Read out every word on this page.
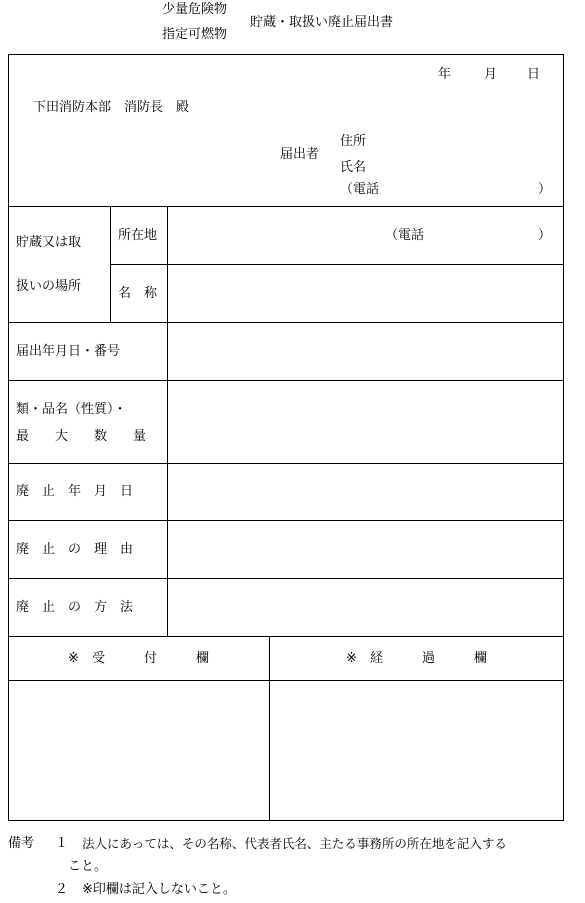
少量危険物
指定可燃物
貯蔵・取扱い廃止届出書
年	月 日
下田消防本部　消防長　殿
届出者
住所
氏名
（電話	）
貯蔵又は取
扱いの場所
所在地	（電話	）
名　称
届出年月日・番号
類・品名（性質）・
最　　大　　数　　量
廃　止　年　月　日
廃　止　の　理　由
廃　止　の　方　法
※　受　　　付　　　欄	※　経　　　過　　　欄
備考 １ 法人にあっては、その名称、代表者氏名、主たる事務所の所在地を記入する
こと。
２ ※印欄は記入しないこと。
